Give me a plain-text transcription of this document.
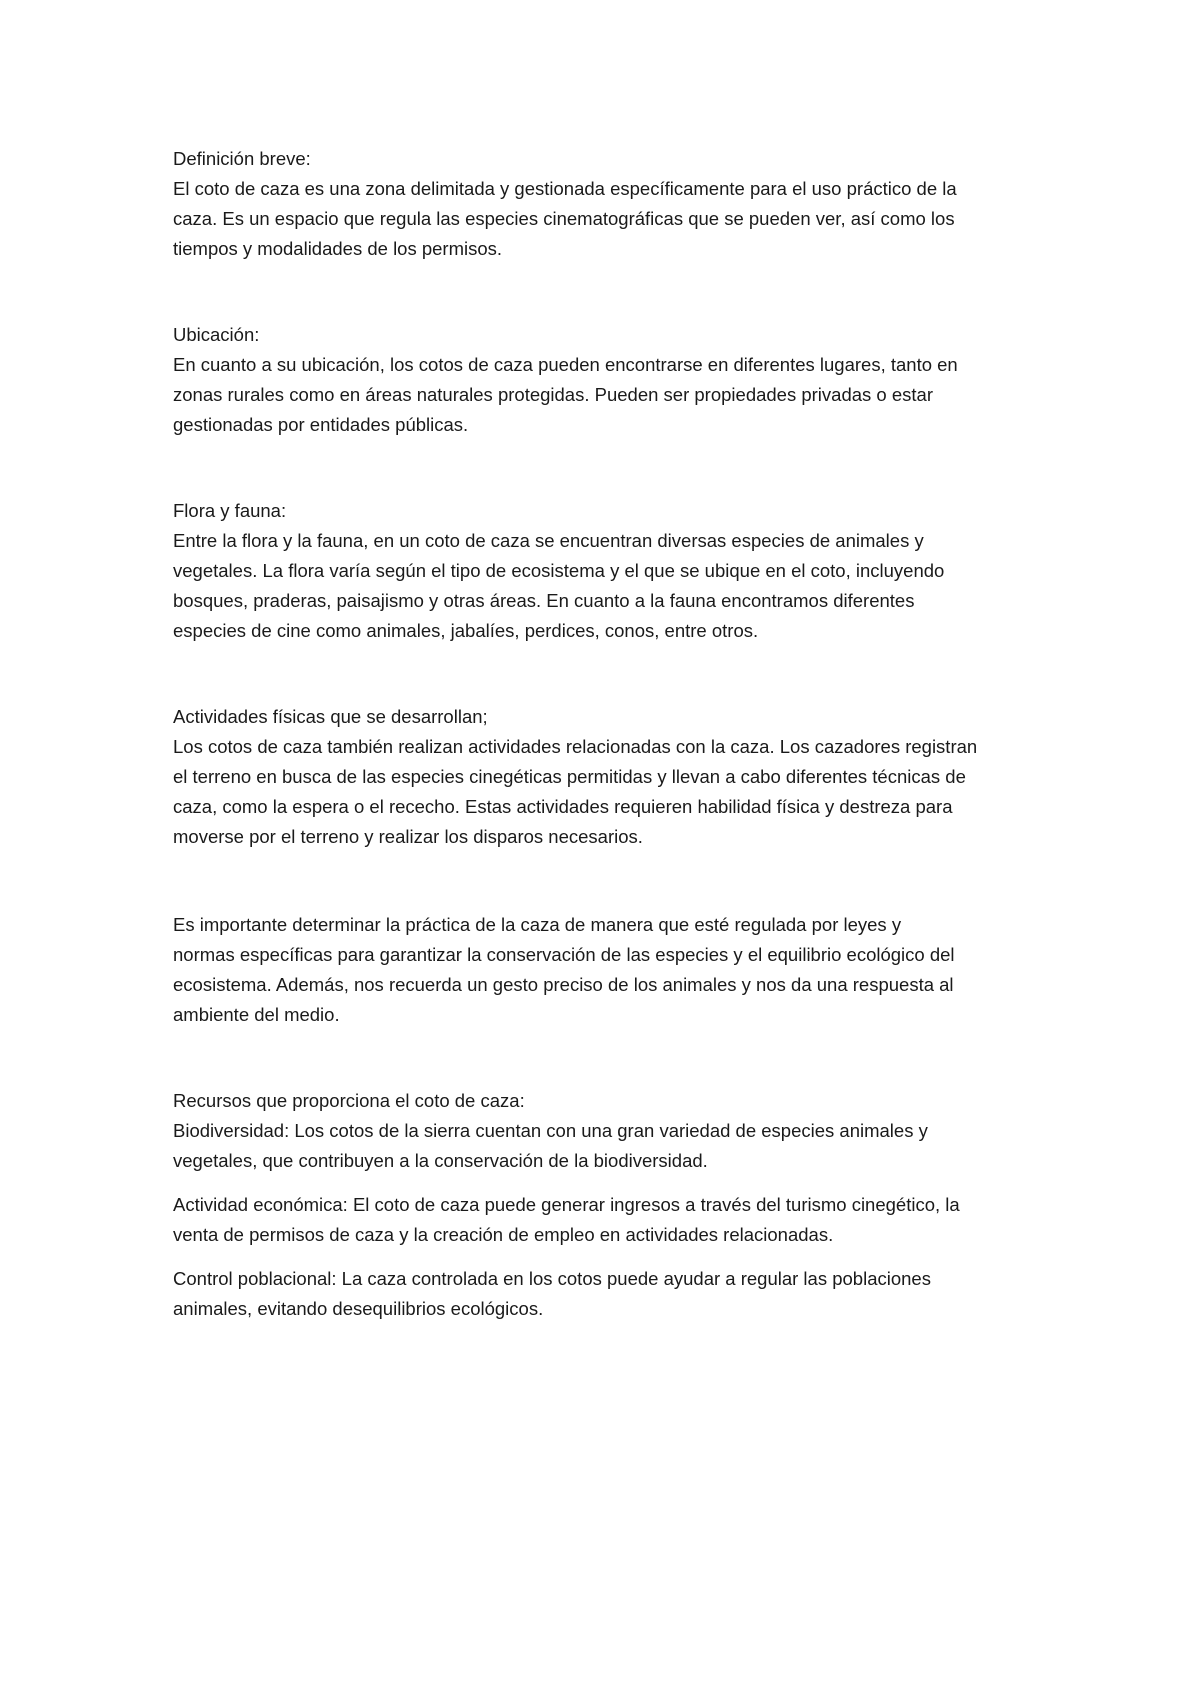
Definición breve:

El coto de caza es una zona delimitada y gestionada específicamente para el uso práctico de la
caza. Es un espacio que regula las especies cinematográficas que se pueden ver, así como los
tiempos y modalidades de los permisos.

Ubicación:

En cuanto a su ubicación, los cotos de caza pueden encontrarse en diferentes lugares, tanto en
zonas rurales como en áreas naturales protegidas. Pueden ser propiedades privadas o estar
gestionadas por entidades públicas.

Flora y fauna:

Entre la flora y la fauna, en un coto de caza se encuentran diversas especies de animales y
vegetales. La flora varía según el tipo de ecosistema y el que se ubique en el coto, incluyendo
bosques, praderas, paisajismo y otras áreas. En cuanto a la fauna encontramos diferentes
especies de cine como animales, jabalíes, perdices, conos, entre otros.

Actividades físicas que se desarrollan;

Los cotos de caza también realizan actividades relacionadas con la caza. Los cazadores registran
el terreno en busca de las especies cinegéticas permitidas y llevan a cabo diferentes técnicas de
caza, como la espera o el rececho. Estas actividades requieren habilidad física y destreza para
moverse por el terreno y realizar los disparos necesarios.
Es importante determinar la práctica de la caza de manera que esté regulada por leyes y
normas específicas para garantizar la conservación de las especies y el equilibrio ecológico del
ecosistema. Además, nos recuerda un gesto preciso de los animales y nos da una respuesta al
ambiente del medio.

Recursos que proporciona el coto de caza:

Biodiversidad: Los cotos de la sierra cuentan con una gran variedad de especies animales y
vegetales, que contribuyen a la conservación de la biodiversidad.
Actividad económica: El coto de caza puede generar ingresos a través del turismo cinegético, la
venta de permisos de caza y la creación de empleo en actividades relacionadas.
Control poblacional: La caza controlada en los cotos puede ayudar a regular las poblaciones
animales, evitando desequilibrios ecológicos.
